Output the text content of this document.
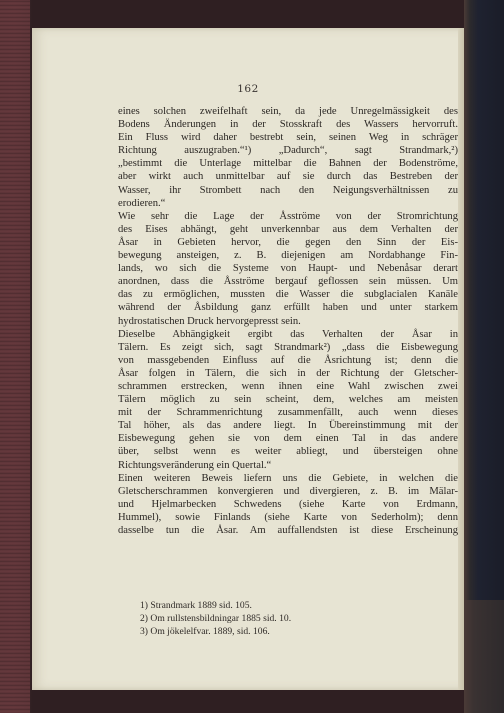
162

eines solchen zweifelhaft sein, da jede Unregelmässigkeit des
Bodens Änderungen in der Stosskraft des Wassers hervorruft.
Ein Fluss wird daher bestrebt sein, seinen Weg in schräger
Richtung auszugraben.“¹) „Dadurch“, sagt Strandmark,²)
„bestimmt die Unterlage mittelbar die Bahnen der Bodenströme,
aber wirkt auch unmittelbar auf sie durch das Bestreben der
Wasser, ihr Strombett nach den Neigungsverhältnissen zu
erodieren.“

Wie sehr die Lage der Åsströme von der Stromrichtung
des Eises abhängt, geht unverkennbar aus dem Verhalten der
Åsar in Gebieten hervor, die gegen den Sinn der Eis-
bewegung ansteigen, z. B. diejenigen am Nordabhange Fin-
lands, wo sich die Systeme von Haupt- und Nebenåsar derart
anordnen, dass die Åsströme bergauf geflossen sein müssen. Um
das zu ermöglichen, mussten die Wasser die subglacialen Kanäle
während der Åsbildung ganz erfüllt haben und unter starkem
hydrostatischen Druck hervorgepresst sein.

Dieselbe Abhängigkeit ergibt das Verhalten der Åsar in
Tälern. Es zeigt sich, sagt Strandmark²) „dass die Eisbewegung
von massgebenden Einfluss auf die Åsrichtung ist; denn die
Åsar folgen in Tälern, die sich in der Richtung der Gletscher-
schrammen erstrecken, wenn ihnen eine Wahl zwischen zwei
Tälern möglich zu sein scheint, dem, welches am meisten
mit der Schrammenrichtung zusammenfällt, auch wenn dieses
Tal höher, als das andere liegt. In Übereinstimmung mit der
Eisbewegung gehen sie von dem einen Tal in das andere
über, selbst wenn es weiter abliegt, und übersteigen ohne
Richtungsveränderung ein Quertal.“

Einen weiteren Beweis liefern uns die Gebiete, in welchen die
Gletscherschrammen konvergieren und divergieren, z. B. im Mälar-
und Hjelmarbecken Schwedens (siehe Karte von Erdmann,
Hummel), sowie Finlands (siehe Karte von Sederholm); denn
dasselbe tun die Åsar. Am auffallendsten ist diese Erscheinung

1) Strandmark 1889 sid. 105.
2) Om rullstensbildningar 1885 sid. 10.
3) Om jökelelfvar. 1889, sid. 106.
